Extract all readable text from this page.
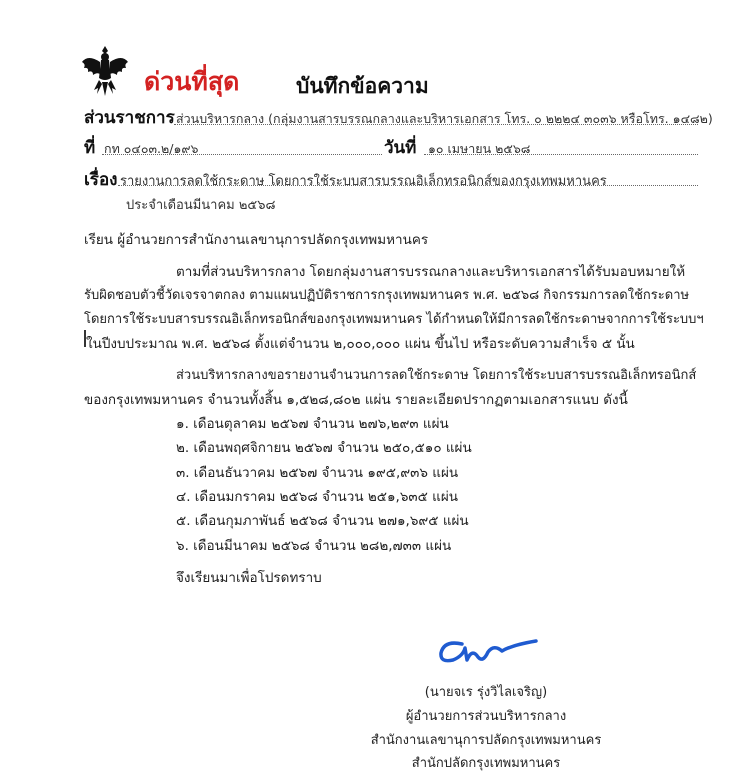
ด่วนที่สุด	บันทึกข้อความ
ส่วนราชการ ส่วนบริหารกลาง (กลุ่มงานสารบรรณกลางและบริหารเอกสาร โทร. ๐ ๒๒๒๔ ๓๐๓๖ หรือโทร. ๑๔๘๒)
ที่ กท ๐๔๐๓.๒/๑๙๖	วันที่ ๑๐ เมษายน ๒๕๖๘
เรื่อง รายงานการลดใช้กระดาษ โดยการใช้ระบบสารบรรณอิเล็กทรอนิกส์ของกรุงเทพมหานคร
ประจำเดือนมีนาคม ๒๕๖๘
เรียน ผู้อำนวยการสำนักงานเลขานุการปลัดกรุงเทพมหานคร
ตามที่ส่วนบริหารกลาง โดยกลุ่มงานสารบรรณกลางและบริหารเอกสารได้รับมอบหมายให้
รับผิดชอบตัวชี้วัดเจรจาตกลง ตามแผนปฏิบัติราชการกรุงเทพมหานคร พ.ศ. ๒๕๖๘ กิจกรรมการลดใช้กระดาษ
โดยการใช้ระบบสารบรรณอิเล็กทรอนิกส์ของกรุงเทพมหานคร ได้กำหนดให้มีการลดใช้กระดาษจากการใช้ระบบฯ
ในปีงบประมาณ พ.ศ. ๒๕๖๘ ตั้งแต่จำนวน ๒,๐๐๐,๐๐๐ แผ่น ขึ้นไป หรือระดับความสำเร็จ ๕ นั้น
ส่วนบริหารกลางขอรายงานจำนวนการลดใช้กระดาษ โดยการใช้ระบบสารบรรณอิเล็กทรอนิกส์
ของกรุงเทพมหานคร จำนวนทั้งสิ้น ๑,๕๒๘,๘๐๒ แผ่น รายละเอียดปรากฏตามเอกสารแนบ ดังนี้
๑. เดือนตุลาคม ๒๕๖๗ จำนวน ๒๗๖,๒๙๓ แผ่น
๒. เดือนพฤศจิกายน ๒๕๖๗ จำนวน ๒๕๐,๕๑๐ แผ่น
๓. เดือนธันวาคม ๒๕๖๗ จำนวน ๑๙๕,๙๓๖ แผ่น
๔. เดือนมกราคม ๒๕๖๘ จำนวน ๒๕๑,๖๓๕ แผ่น
๕. เดือนกุมภาพันธ์ ๒๕๖๘ จำนวน ๒๗๑,๖๙๕ แผ่น
๖. เดือนมีนาคม ๒๕๖๘ จำนวน ๒๘๒,๗๓๓ แผ่น
จึงเรียนมาเพื่อโปรดทราบ
(นายจเร รุ่งวิไลเจริญ)
ผู้อำนวยการส่วนบริหารกลาง
สำนักงานเลขานุการปลัดกรุงเทพมหานคร
สำนักปลัดกรุงเทพมหานคร
